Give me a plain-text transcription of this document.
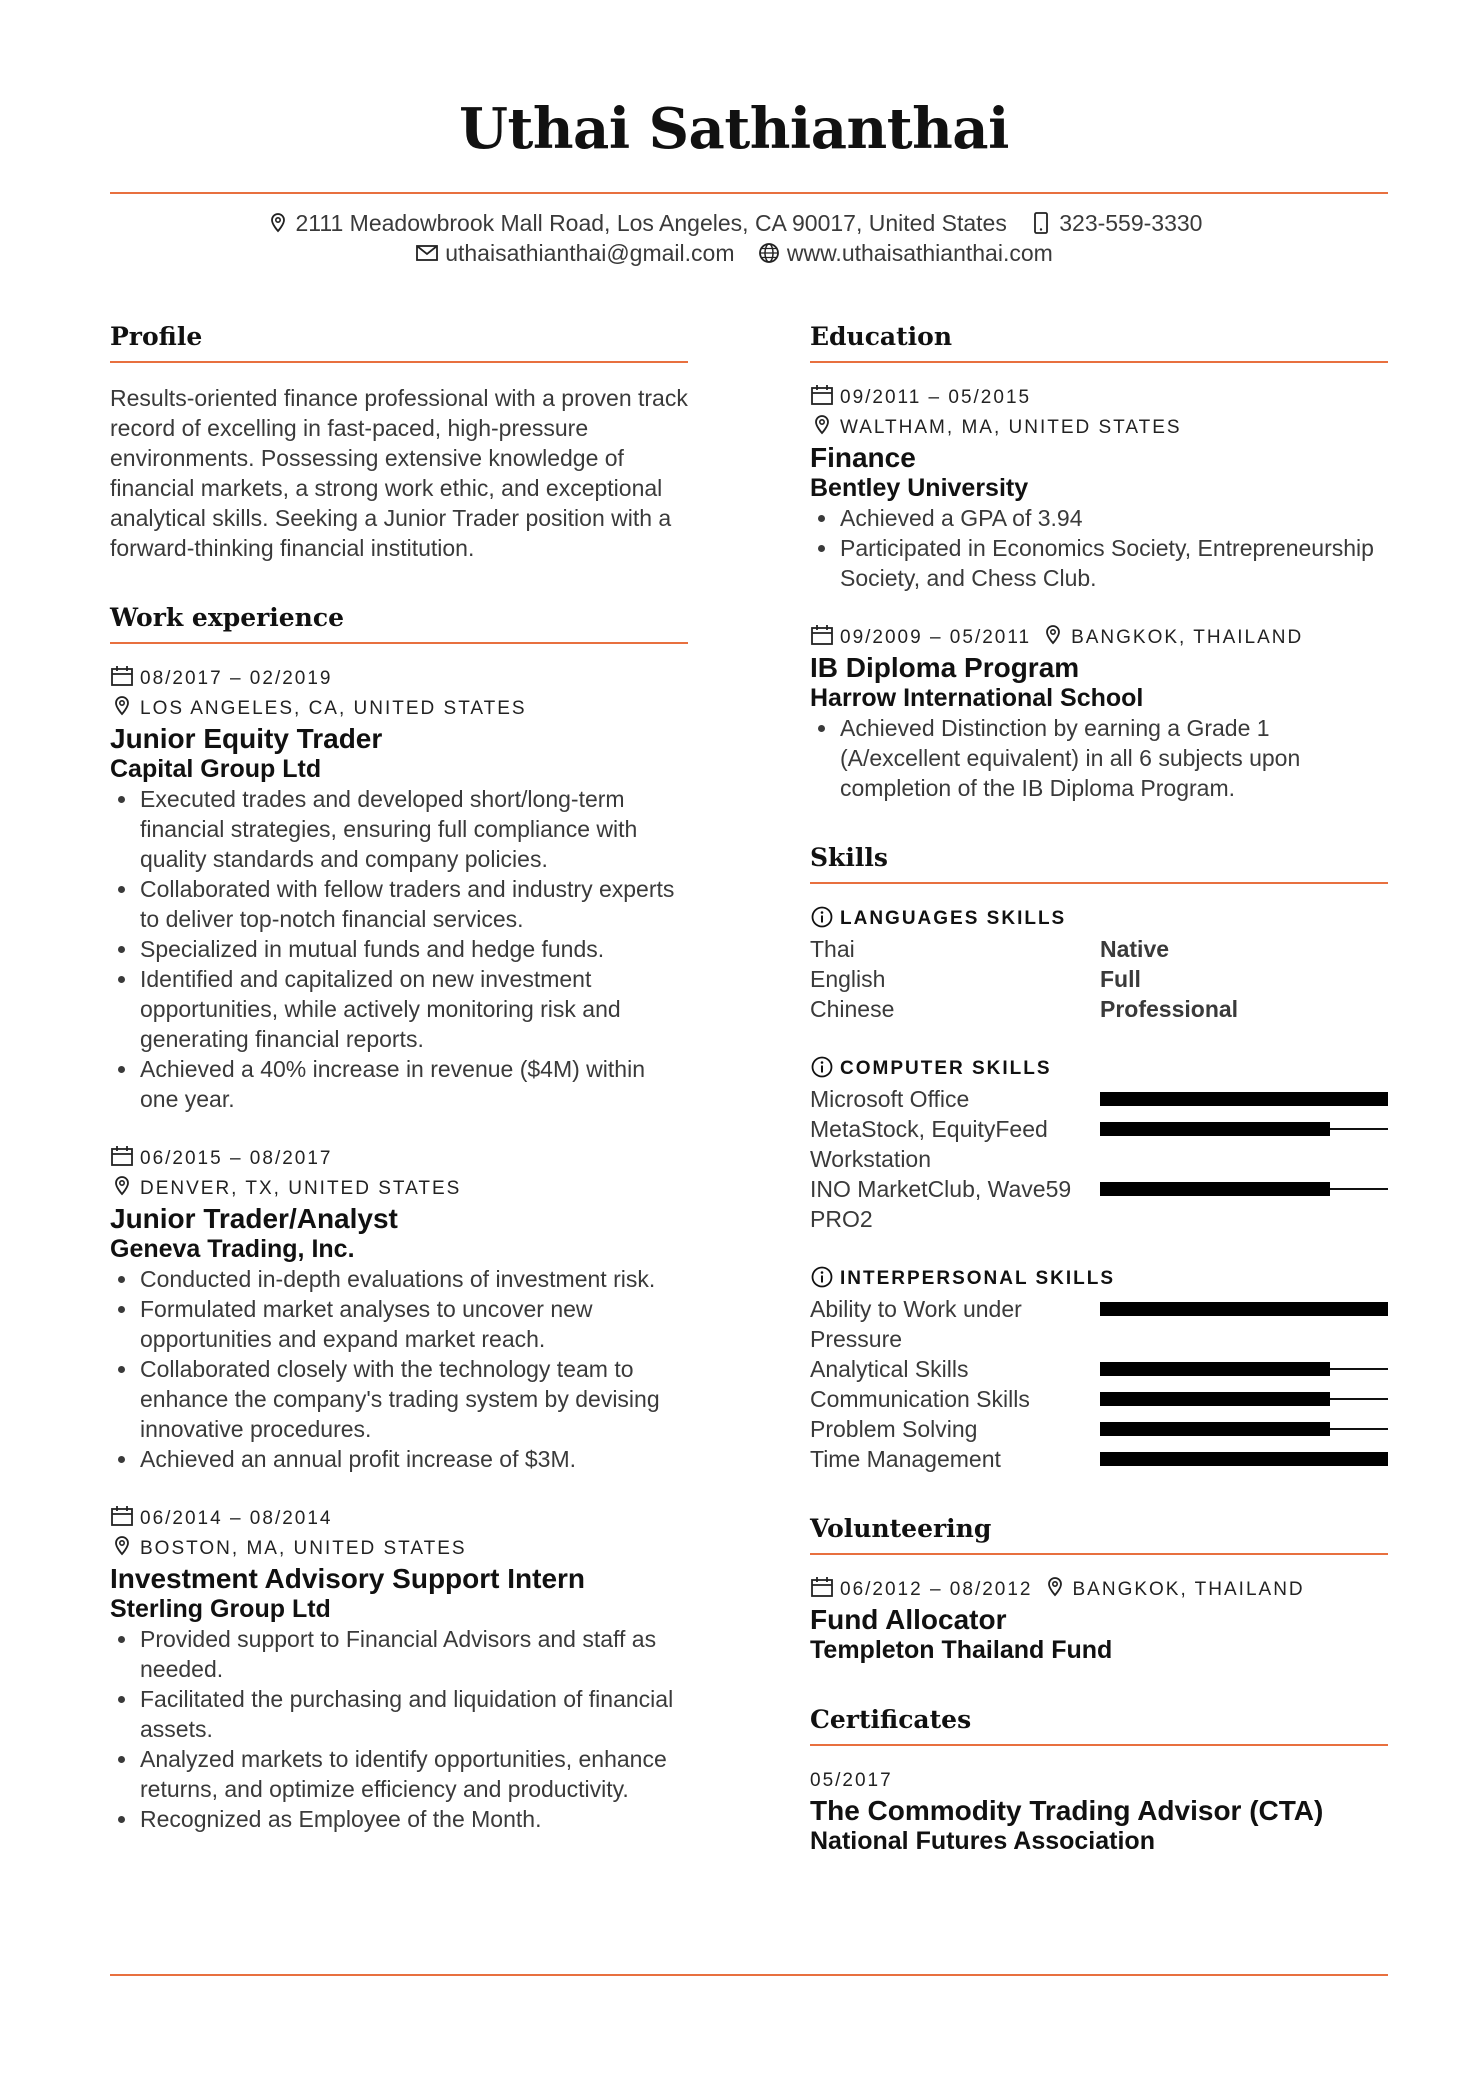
Uthai Sathianthai
2111 Meadowbrook Mall Road, Los Angeles, CA 90017, United States 323-559-3330
uthaisathianthai@gmail.com www.uthaisathianthai.com
Profile
Results-oriented finance professional with a proven track record of excelling in fast-paced, high-pressure environments. Possessing extensive knowledge of financial markets, a strong work ethic, and exceptional analytical skills. Seeking a Junior Trader position with a forward-thinking financial institution.
Work experience
08/2017 – 02/2019
LOS ANGELES, CA, UNITED STATES
Junior Equity Trader
Capital Group Ltd
Executed trades and developed short/long-term financial strategies, ensuring full compliance with quality standards and company policies.
Collaborated with fellow traders and industry experts to deliver top-notch financial services.
Specialized in mutual funds and hedge funds.
Identified and capitalized on new investment opportunities, while actively monitoring risk and generating financial reports.
Achieved a 40% increase in revenue ($4M) within one year.
06/2015 – 08/2017
DENVER, TX, UNITED STATES
Junior Trader/Analyst
Geneva Trading, Inc.
Conducted in-depth evaluations of investment risk.
Formulated market analyses to uncover new opportunities and expand market reach.
Collaborated closely with the technology team to enhance the company's trading system by devising innovative procedures.
Achieved an annual profit increase of $3M.
06/2014 – 08/2014
BOSTON, MA, UNITED STATES
Investment Advisory Support Intern
Sterling Group Ltd
Provided support to Financial Advisors and staff as needed.
Facilitated the purchasing and liquidation of financial assets.
Analyzed markets to identify opportunities, enhance returns, and optimize efficiency and productivity.
Recognized as Employee of the Month.
Education
09/2011 – 05/2015
WALTHAM, MA, UNITED STATES
Finance
Bentley University
Achieved a GPA of 3.94
Participated in Economics Society, Entrepreneurship Society, and Chess Club.
09/2009 – 05/2011 BANGKOK, THAILAND
IB Diploma Program
Harrow International School
Achieved Distinction by earning a Grade 1 (A/excellent equivalent) in all 6 subjects upon completion of the IB Diploma Program.
Skills
LANGUAGES SKILLS
Thai	Native
English	Full
Chinese	Professional
COMPUTER SKILLS
Microsoft Office
MetaStock, EquityFeed Workstation
INO MarketClub, Wave59 PRO2
INTERPERSONAL SKILLS
Ability to Work under Pressure
Analytical Skills
Communication Skills
Problem Solving
Time Management
Volunteering
06/2012 – 08/2012 BANGKOK, THAILAND
Fund Allocator
Templeton Thailand Fund
Certificates
05/2017
The Commodity Trading Advisor (CTA)
National Futures Association
